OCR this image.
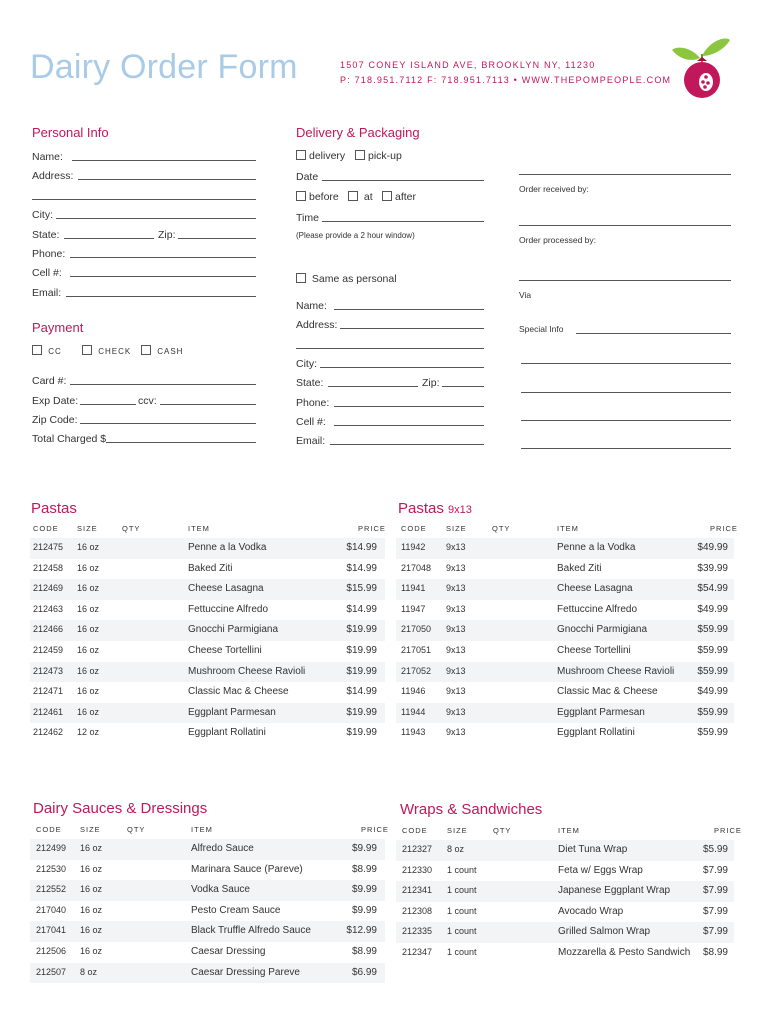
Dairy Order Form	1507 CONEY ISLAND AVE, BROOKLYN NY, 11230
P: 718.951.7112 F: 718.951.7113 • WWW.THEPOMPEOPLE.COM
Personal Info
Name:
Address:
City:
State:	Zip:
Phone:
Cell #:
Email:
Payment
CC	CHECK	CASH
Card #:
Exp Date:	ccv:
Zip Code:
Total Charged $
Delivery & Packaging
delivery	pick-up
Date
before	at	after
Time
(Please provide a 2 hour window)
Same as personal
Name:
Address:
City:
State:	Zip:
Phone:
Cell #:
Email:
Order received by:
Order processed by:
Via
Special Info
Pastas
CODE SIZE	QTY	ITEM	PRICE
212475 16 oz	Penne a la Vodka	$14.99
212458 16 oz	Baked Ziti	$14.99
212469 16 oz	Cheese Lasagna	$15.99
212463 16 oz	Fettuccine Alfredo	$14.99
212466 16 oz	Gnocchi Parmigiana	$19.99
212459 16 oz	Cheese Tortellini	$19.99
212473 16 oz	Mushroom Cheese Ravioli	$19.99
212471 16 oz	Classic Mac & Cheese	$14.99
212461 16 oz	Eggplant Parmesan	$19.99
212462 12 oz	Eggplant Rollatini	$19.99
Pastas 9x13
CODE	SIZE	QTY	ITEM	PRICE
11942 9x13	Penne a la Vodka	$49.99
217048 9x13	Baked Ziti	$39.99
11941 9x13	Cheese Lasagna	$54.99
11947 9x13	Fettuccine Alfredo	$49.99
217050 9x13	Gnocchi Parmigiana	$59.99
217051 9x13	Cheese Tortellini	$59.99
217052 9x13	Mushroom Cheese Ravioli $59.99
11946 9x13	Classic Mac & Cheese	$49.99
11944 9x13	Eggplant Parmesan	$59.99
11943 9x13	Eggplant Rollatini	$59.99
Dairy Sauces & Dressings
CODE SIZE	QTY	ITEM	PRICE
212499 16 oz	Alfredo Sauce	$9.99
212530 16 oz	Marinara Sauce (Pareve)	$8.99
212552 16 oz	Vodka Sauce	$9.99
217040 16 oz	Pesto Cream Sauce	$9.99
217041 16 oz	Black Truffle Alfredo Sauce	$12.99
212506 16 oz	Caesar Dressing	$8.99
212507 8 oz	Caesar Dressing Pareve	$6.99
Wraps & Sandwiches
CODE	SIZE	QTY	ITEM	PRICE
212327 8 oz	Diet Tuna Wrap	$5.99
212330 1 count	Feta w/ Eggs Wrap	$7.99
212341 1 count	Japanese Eggplant Wrap	$7.99
212308 1 count	Avocado Wrap	$7.99
212335 1 count	Grilled Salmon Wrap	$7.99
212347 1 count	Mozzarella & Pesto Sandwich $8.99
